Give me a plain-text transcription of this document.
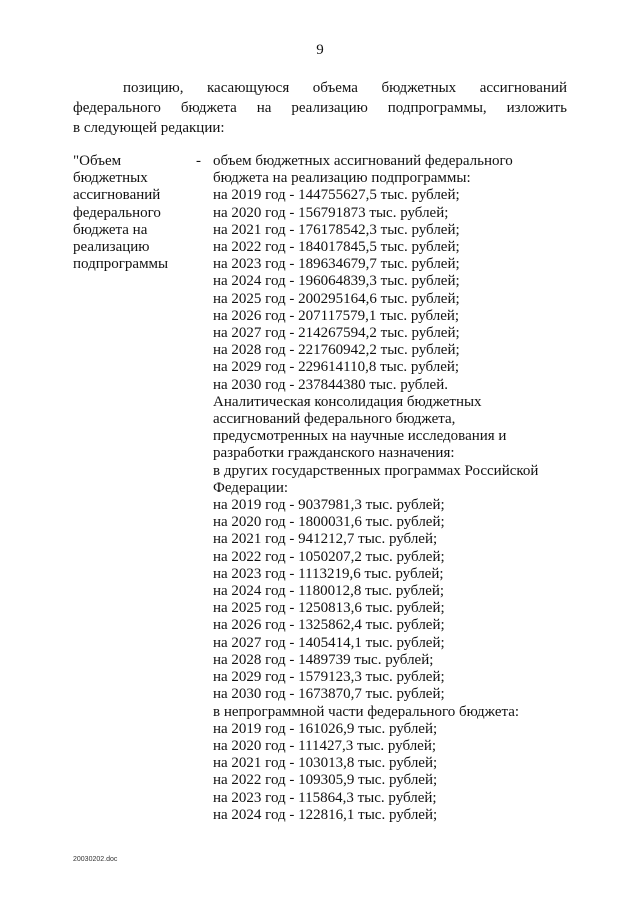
9
позицию, касающуюся объема бюджетных ассигнований
федерального бюджета на реализацию подпрограммы, изложить
в следующей редакции:
"Объем
бюджетных
ассигнований
федерального
бюджета на
реализацию
подпрограммы
- объем бюджетных ассигнований федерального
бюджета на реализацию подпрограммы:
на 2019 год - 144755627,5 тыс. рублей;
на 2020 год - 156791873 тыс. рублей;
на 2021 год - 176178542,3 тыс. рублей;
на 2022 год - 184017845,5 тыс. рублей;
на 2023 год - 189634679,7 тыс. рублей;
на 2024 год - 196064839,3 тыс. рублей;
на 2025 год - 200295164,6 тыс. рублей;
на 2026 год - 207117579,1 тыс. рублей;
на 2027 год - 214267594,2 тыс. рублей;
на 2028 год - 221760942,2 тыс. рублей;
на 2029 год - 229614110,8 тыс. рублей;
на 2030 год - 237844380 тыс. рублей.
Аналитическая консолидация бюджетных
ассигнований федерального бюджета,
предусмотренных на научные исследования и
разработки гражданского назначения:
в других государственных программах Российской
Федерации:
на 2019 год - 9037981,3 тыс. рублей;
на 2020 год - 1800031,6 тыс. рублей;
на 2021 год - 941212,7 тыс. рублей;
на 2022 год - 1050207,2 тыс. рублей;
на 2023 год - 1113219,6 тыс. рублей;
на 2024 год - 1180012,8 тыс. рублей;
на 2025 год - 1250813,6 тыс. рублей;
на 2026 год - 1325862,4 тыс. рублей;
на 2027 год - 1405414,1 тыс. рублей;
на 2028 год - 1489739 тыс. рублей;
на 2029 год - 1579123,3 тыс. рублей;
на 2030 год - 1673870,7 тыс. рублей;
в непрограммной части федерального бюджета:
на 2019 год - 161026,9 тыс. рублей;
на 2020 год - 111427,3 тыс. рублей;
на 2021 год - 103013,8 тыс. рублей;
на 2022 год - 109305,9 тыс. рублей;
на 2023 год - 115864,3 тыс. рублей;
на 2024 год - 122816,1 тыс. рублей;
20030202.doc
